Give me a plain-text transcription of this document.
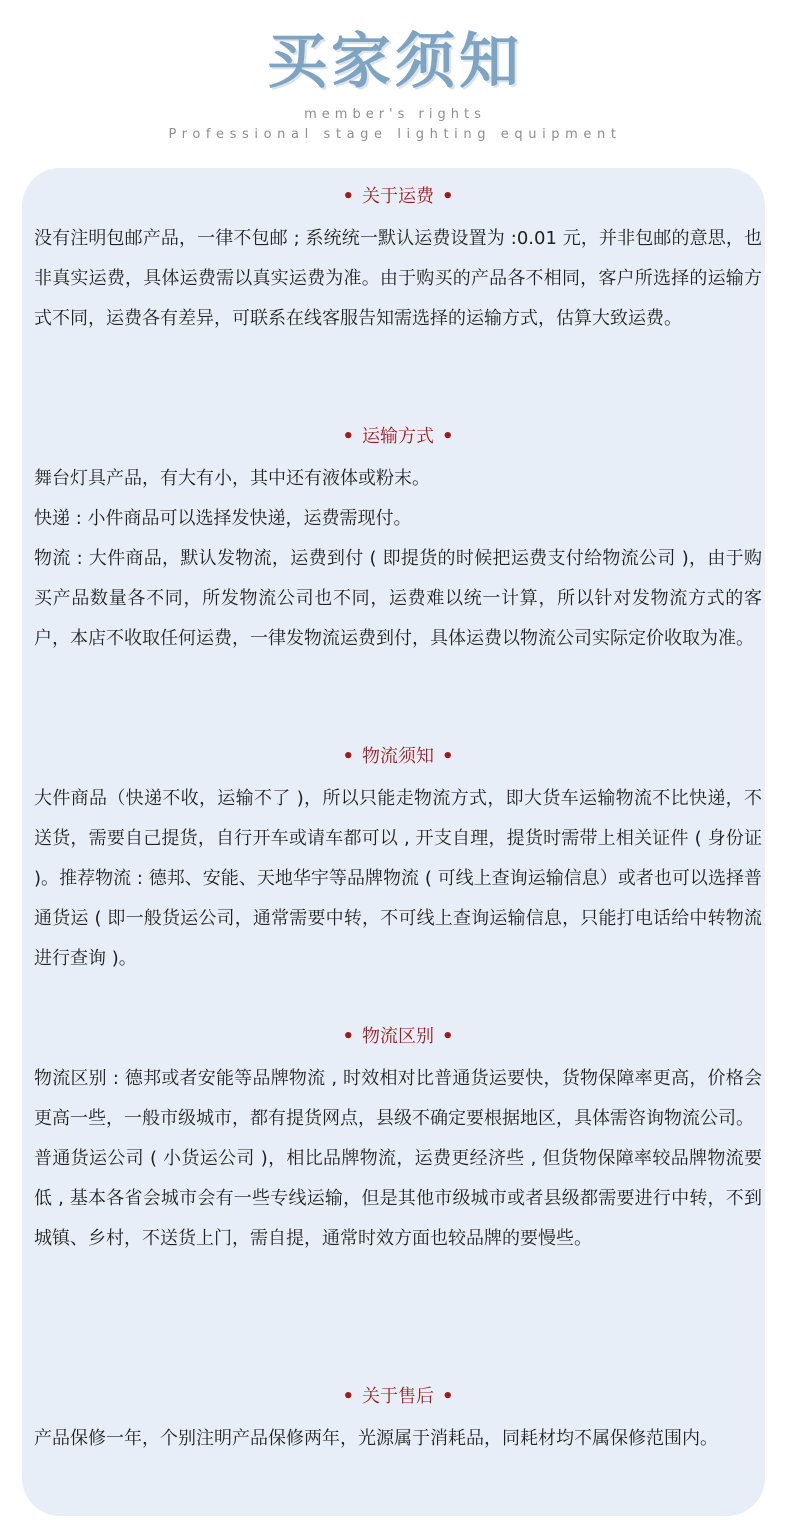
买家须知
member's rights
Professional stage lighting equipment
• 关于运费 •
没有注明包邮产品，一律不包邮 ; 系统统一默认运费设置为 :0.01 元，并非包邮的意思，也非真实运费，具体运费需以真实运费为准。由于购买的产品各不相同，客户所选择的运输方式不同，运费各有差异，可联系在线客服告知需选择的运输方式，估算大致运费。
• 运输方式 •
舞台灯具产品，有大有小，其中还有液体或粉末。
快递 : 小件商品可以选择发快递，运费需现付。
物流 : 大件商品，默认发物流，运费到付 ( 即提货的时候把运费支付给物流公司 )，由于购买产品数量各不同，所发物流公司也不同，运费难以统一计算，所以针对发物流方式的客户，本店不收取任何运费，一律发物流运费到付，具体运费以物流公司实际定价收取为准。
• 物流须知 •
大件商品（快递不收，运输不了 )，所以只能走物流方式，即大货车运输物流不比快递，不送货，需要自己提货，自行开车或请车都可以 , 开支自理，提货时需带上相关证件 ( 身份证 )。推荐物流 : 德邦、安能、天地华宇等品牌物流 ( 可线上查询运输信息）或者也可以选择普通货运 ( 即一般货运公司，通常需要中转，不可线上查询运输信息，只能打电话给中转物流进行查询 )。
• 物流区别 •
物流区别 : 德邦或者安能等品牌物流 , 时效相对比普通货运要快，货物保障率更高，价格会更高一些，一般市级城市，都有提货网点，县级不确定要根据地区，具体需咨询物流公司。
普通货运公司 ( 小货运公司 )，相比品牌物流，运费更经济些 , 但货物保障率较品牌物流要低 , 基本各省会城市会有一些专线运输，但是其他市级城市或者县级都需要进行中转，不到城镇、乡村，不送货上门，需自提，通常时效方面也较品牌的要慢些。
• 关于售后 •
产品保修一年，个别注明产品保修两年，光源属于消耗品，同耗材均不属保修范围内。
